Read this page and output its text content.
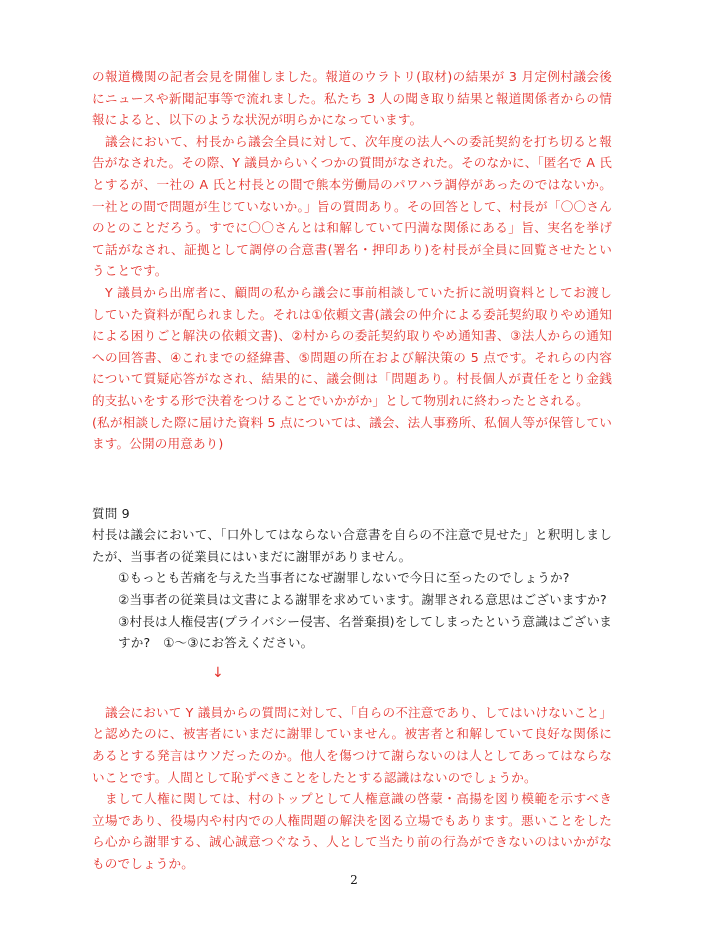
の報道機関の記者会見を開催しました。報道のウラトリ(取材)の結果が 3 月定例村議会後にニュースや新聞記事等で流れました。私たち 3 人の聞き取り結果と報道関係者からの情報によると、以下のような状況が明らかになっています。

議会において、村長から議会全員に対して、次年度の法人への委託契約を打ち切ると報告がなされた。その際、Y 議員からいくつかの質問がなされた。そのなかに、「匿名で A 氏とするが、一社の A 氏と村長との間で熊本労働局のパワハラ調停があったのではないか。一社との間で問題が生じていないか。」旨の質問あり。その回答として、村長が「〇〇さんのとのことだろう。すでに〇〇さんとは和解していて円満な関係にある」旨、実名を挙げて話がなされ、証拠として調停の合意書(署名・押印あり)を村長が全員に回覧させたということです。

Y 議員から出席者に、顧問の私から議会に事前相談していた折に説明資料としてお渡ししていた資料が配られました。それは①依頼文書(議会の仲介による委託契約取りやめ通知による困りごと解決の依頼文書)、②村からの委託契約取りやめ通知書、③法人からの通知への回答書、④これまでの経緯書、⑤問題の所在および解決策の 5 点です。それらの内容について質疑応答がなされ、結果的に、議会側は「問題あり。村長個人が責任をとり金銭的支払いをする形で決着をつけることでいかがか」として物別れに終わったとされる。

(私が相談した際に届けた資料 5 点については、議会、法人事務所、私個人等が保管しています。公開の用意あり)

質問 9

村長は議会において、「口外してはならない合意書を自らの不注意で見せた」と釈明しましたが、当事者の従業員にはいまだに謝罪がありません。

①もっとも苦痛を与えた当事者になぜ謝罪しないで今日に至ったのでしょうか?

②当事者の従業員は文書による謝罪を求めています。謝罪される意思はございますか?

③村長は人権侵害(プライバシー侵害、名誉棄損)をしてしまったという意識はございますか?　①〜③にお答えください。

議会において Y 議員からの質問に対して、「自らの不注意であり、してはいけないこと」と認めたのに、被害者にいまだに謝罪していません。被害者と和解していて良好な関係にあるとする発言はウソだったのか。他人を傷つけて謝らないのは人としてあってはならないことです。人間として恥ずべきことをしたとする認識はないのでしょうか。

まして人権に関しては、村のトップとして人権意識の啓蒙・高揚を図り模範を示すべき立場であり、役場内や村内での人権問題の解決を図る立場でもあります。悪いことをしたら心から謝罪する、誠心誠意つぐなう、人として当たり前の行為ができないのはいかがなものでしょうか。

↓
2
